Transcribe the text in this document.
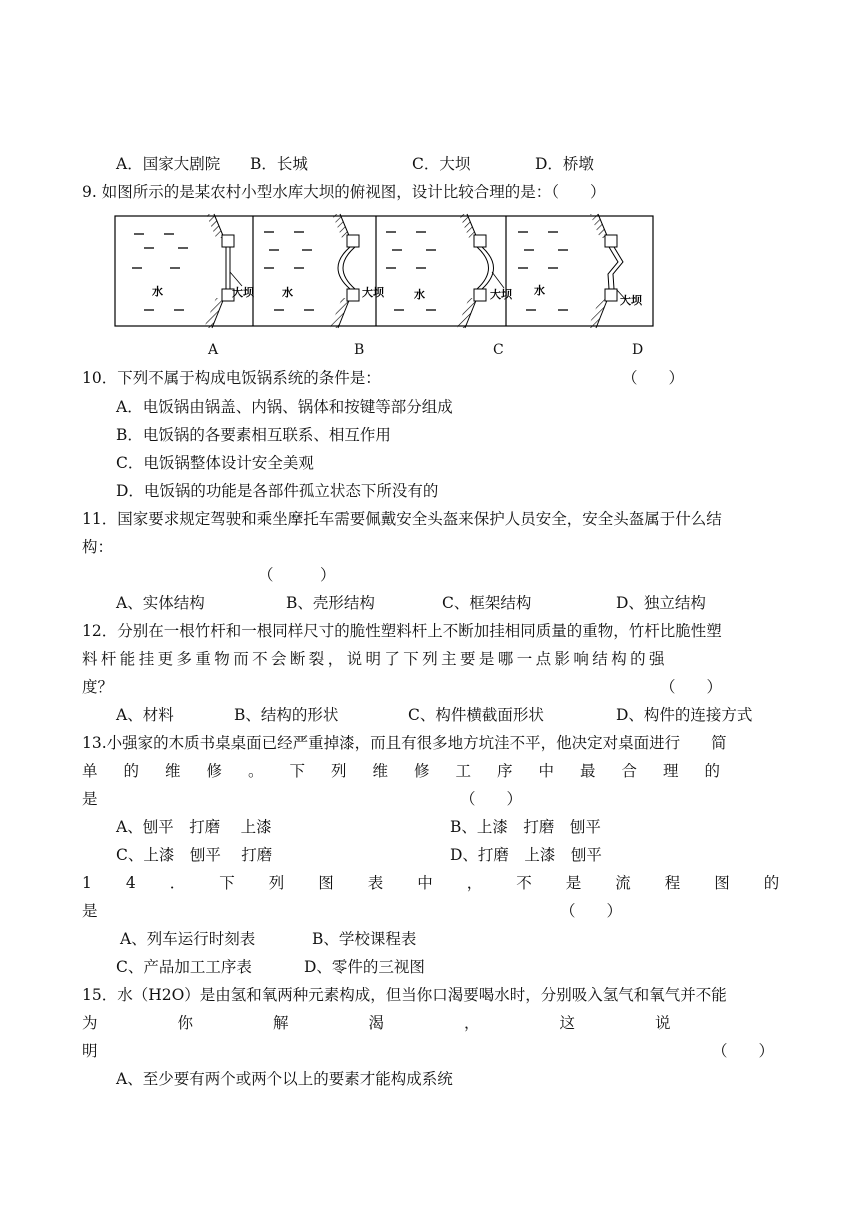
A．国家大剧院 B．长城	C．大坝	D．桥墩
9. 如图所示的是某农村小型水库大坝的俯视图，设计比较合理的是：（　　）
水	大坝	水	大坝	水	大坝 水
大坝
A	B	C	D
10．下列不属于构成电饭锅系统的条件是：	（　　）
A．电饭锅由锅盖、内锅、锅体和按键等部分组成
B．电饭锅的各要素相互联系、相互作用
C．电饭锅整体设计安全美观
D．电饭锅的功能是各部件孤立状态下所没有的
11．国家要求规定驾驶和乘坐摩托车需要佩戴安全头盔来保护人员安全，安全头盔属于什么结
构：
（　　　）
A、实体结构	B、壳形结构	C、框架结构	D、独立结构
12．分别在一根竹杆和一根同样尺寸的脆性塑料杆上不断加挂相同质量的重物，竹杆比脆性塑
料杆能挂更多重物而不会断裂，说明了下列主要是哪一点影响结构的强
度？	（　　）
A、材料	B、结构的形状	C、构件横截面形状	D、构件的连接方式
13.小强家的木质书桌桌面已经严重掉漆，而且有很多地方坑洼不平，他决定对桌面进行　　简
单的维修。下列维修工序中最合理的
是	（　　）
A、刨平　打磨　 上漆	B、上漆　打磨　刨平
C、上漆　刨平　 打磨	D、打磨　上漆　刨平
14．下列图表中，不是流程图的
是	（　　）
A、列车运行时刻表	B、学校课程表
C、产品加工工序表	D、零件的三视图
15．水（H2O）是由氢和氧两种元素构成，但当你口渴要喝水时，分别吸入氢气和氧气并不能
为你解渴，这说
明	（　　）
A、至少要有两个或两个以上的要素才能构成系统
